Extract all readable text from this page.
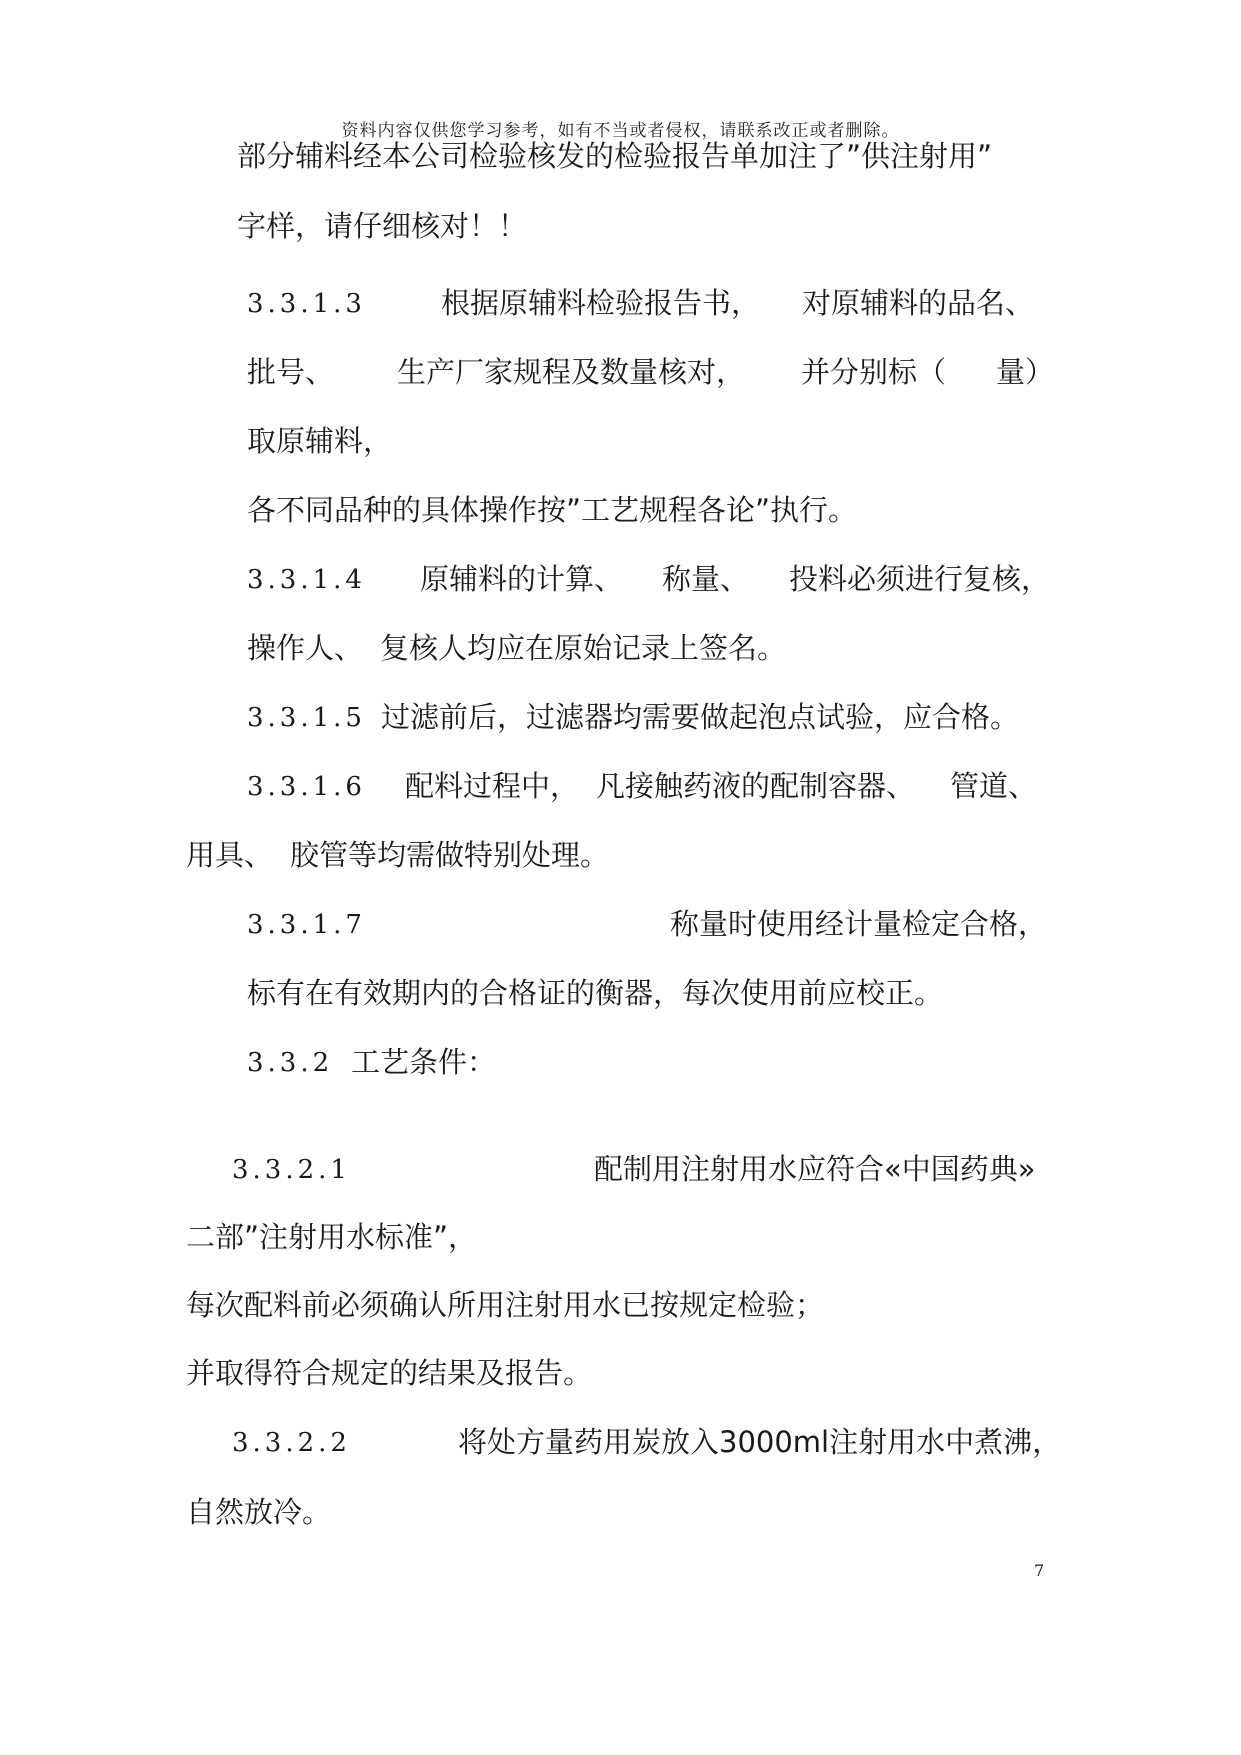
资料内容仅供您学习参考，如有不当或者侵权，请联系改正或者删除。
部分辅料经本公司检验核发的检验报告单加注了”供注射用”
字样，请仔细核对！！
3.3.1.3	根据原辅料检验报告书， 对原辅料的品名、
批号、 生产厂家规程及数量核对， 并分别标（ 量）
取原辅料，
各不同品种的具体操作按”工艺规程各论”执行。
3.3.1.4 原辅料的计算、 称量、 投料必须进行复核，
操作人、 复核人均应在原始记录上签名。
3.3.1.5 过滤前后，过滤器均需要做起泡点试验，应合格。
3.3.1.6 配料过程中， 凡接触药液的配制容器、 管道、
用具、 胶管等均需做特别处理。
3.3.1.7	称量时使用经计量检定合格，
标有在有效期内的合格证的衡器，每次使用前应校正。
3.3.2 工艺条件：
3.3.2.1	配制用注射用水应符合«中国药典»
二部”注射用水标准”，
每次配料前必须确认所用注射用水已按规定检验；
并取得符合规定的结果及报告。
3.3.2.2	将处方量药用炭放入3000ml注射用水中煮沸，
自然放冷。
7
